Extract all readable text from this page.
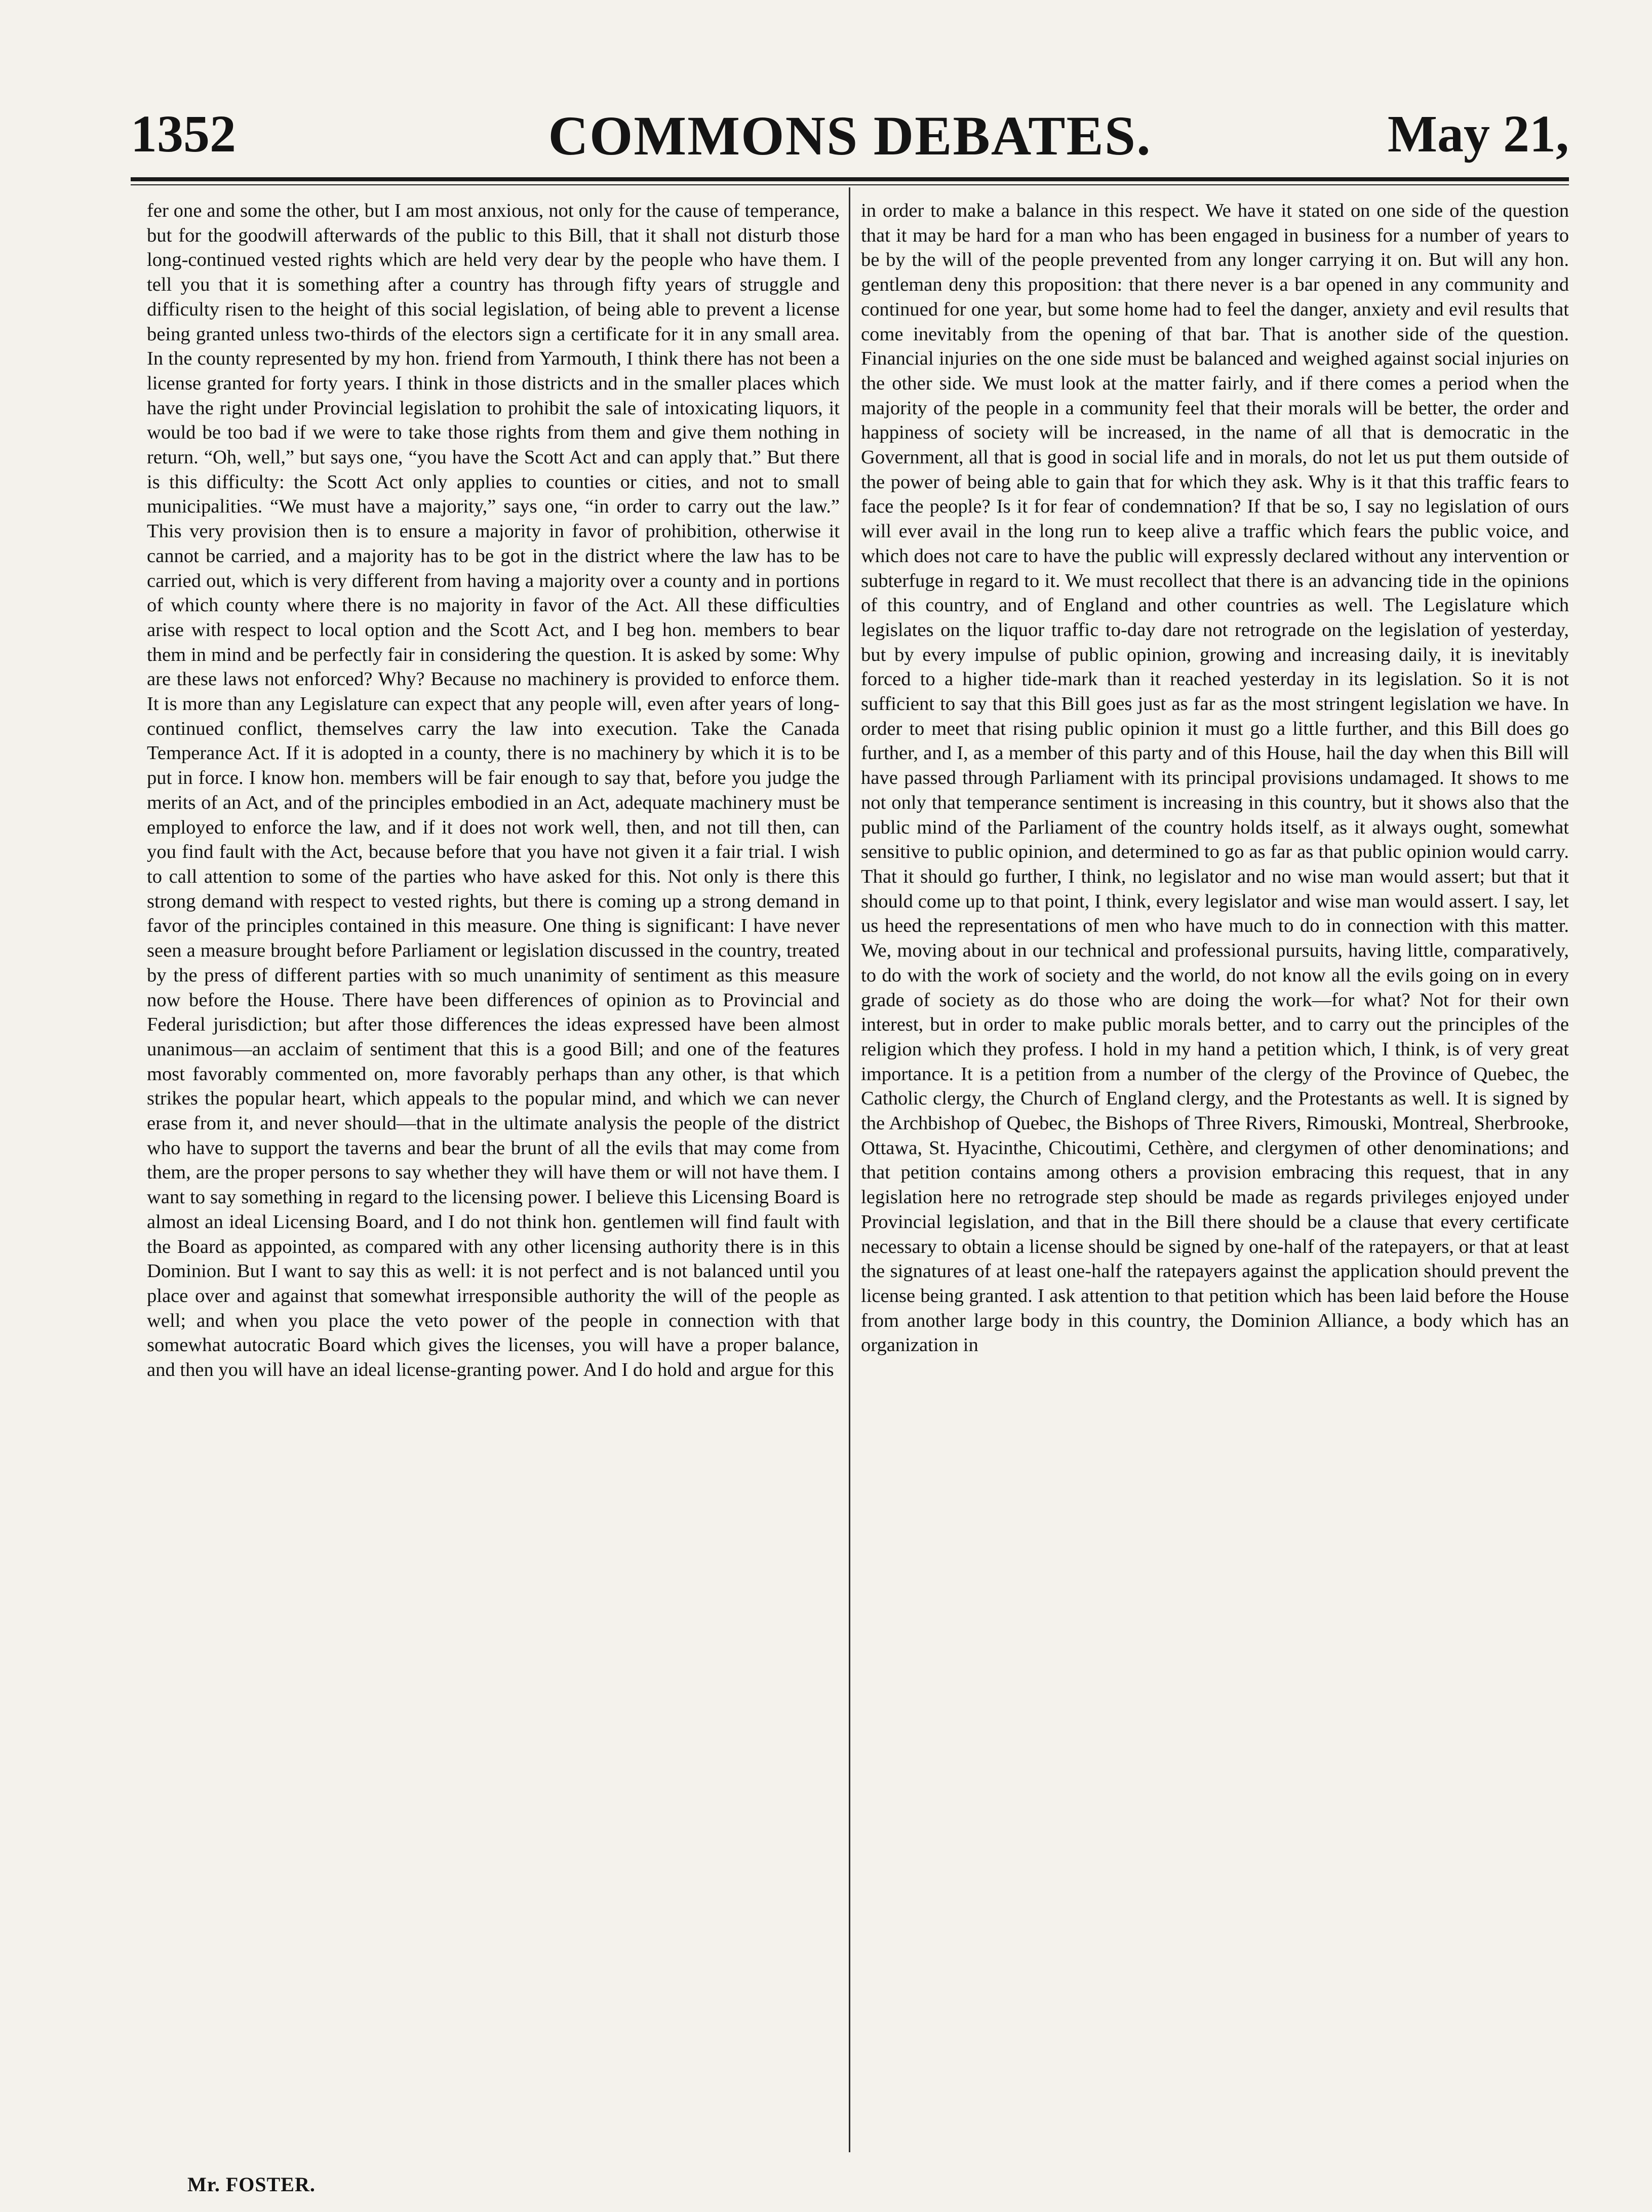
1352	COMMONS DEBATES.	May 21,

fer one and some the other, but I am most anxious, not only for the cause of temperance, but for the goodwill afterwards of the public to this Bill, that it shall not disturb those long-continued vested rights which are held very dear by the people who have them. I tell you that it is something after a country has through fifty years of struggle and difficulty risen to the height of this social legislation, of being able to prevent a license being granted unless two-thirds of the electors sign a certificate for it in any small area. In the county represented by my hon. friend from Yarmouth, I think there has not been a license granted for forty years. I think in those districts and in the smaller places which have the right under Provincial legislation to prohibit the sale of intoxicating liquors, it would be too bad if we were to take those rights from them and give them nothing in return. “Oh, well,” but says one, “you have the Scott Act and can apply that.” But there is this difficulty: the Scott Act only applies to counties or cities, and not to small municipalities. “We must have a majority,” says one, “in order to carry out the law.” This very provision then is to ensure a majority in favor of prohibition, otherwise it cannot be carried, and a majority has to be got in the district where the law has to be carried out, which is very different from having a majority over a county and in portions of which county where there is no majority in favor of the Act. All these difficulties arise with respect to local option and the Scott Act, and I beg hon. members to bear them in mind and be perfectly fair in considering the question. It is asked by some: Why are these laws not enforced? Why? Because no machinery is provided to enforce them. It is more than any Legislature can expect that any people will, even after years of long-continued conflict, themselves carry the law into execution. Take the Canada Temperance Act. If it is adopted in a county, there is no machinery by which it is to be put in force. I know hon. members will be fair enough to say that, before you judge the merits of an Act, and of the principles embodied in an Act, adequate machinery must be employed to enforce the law, and if it does not work well, then, and not till then, can you find fault with the Act, because before that you have not given it a fair trial. I wish to call attention to some of the parties who have asked for this. Not only is there this strong demand with respect to vested rights, but there is coming up a strong demand in favor of the principles contained in this measure. One thing is significant: I have never seen a measure brought before Parliament or legislation discussed in the country, treated by the press of different parties with so much unanimity of sentiment as this measure now before the House. There have been differences of opinion as to Provincial and Federal jurisdiction; but after those differences the ideas expressed have been almost unanimous—an acclaim of sentiment that this is a good Bill; and one of the features most favorably commented on, more favorably perhaps than any other, is that which strikes the popular heart, which appeals to the popular mind, and which we can never erase from it, and never should—that in the ultimate analysis the people of the district who have to support the taverns and bear the brunt of all the evils that may come from them, are the proper persons to say whether they will have them or will not have them. I want to say something in regard to the licensing power. I believe this Licensing Board is almost an ideal Licensing Board, and I do not think hon. gentlemen will find fault with the Board as appointed, as compared with any other licensing authority there is in this Dominion. But I want to say this as well: it is not perfect and is not balanced until you place over and against that somewhat irresponsible authority the will of the people as well; and when you place the veto power of the people in connection with that somewhat autocratic Board which gives the licenses, you will have a proper balance, and then you will have an ideal license-granting power. And I do hold and argue for this

in order to make a balance in this respect. We have it stated on one side of the question that it may be hard for a man who has been engaged in business for a number of years to be by the will of the people prevented from any longer carrying it on. But will any hon. gentleman deny this proposition: that there never is a bar opened in any community and continued for one year, but some home had to feel the danger, anxiety and evil results that come inevitably from the opening of that bar. That is another side of the question. Financial injuries on the one side must be balanced and weighed against social injuries on the other side. We must look at the matter fairly, and if there comes a period when the majority of the people in a community feel that their morals will be better, the order and happiness of society will be increased, in the name of all that is democratic in the Government, all that is good in social life and in morals, do not let us put them outside of the power of being able to gain that for which they ask. Why is it that this traffic fears to face the people? Is it for fear of condemnation? If that be so, I say no legislation of ours will ever avail in the long run to keep alive a traffic which fears the public voice, and which does not care to have the public will expressly declared without any intervention or subterfuge in regard to it. We must recollect that there is an advancing tide in the opinions of this country, and of England and other countries as well. The Legislature which legislates on the liquor traffic to-day dare not retrograde on the legislation of yesterday, but by every impulse of public opinion, growing and increasing daily, it is inevitably forced to a higher tide-mark than it reached yesterday in its legislation. So it is not sufficient to say that this Bill goes just as far as the most stringent legislation we have. In order to meet that rising public opinion it must go a little further, and this Bill does go further, and I, as a member of this party and of this House, hail the day when this Bill will have passed through Parliament with its principal provisions undamaged. It shows to me not only that temperance sentiment is increasing in this country, but it shows also that the public mind of the Parliament of the country holds itself, as it always ought, somewhat sensitive to public opinion, and determined to go as far as that public opinion would carry. That it should go further, I think, no legislator and no wise man would assert; but that it should come up to that point, I think, every legislator and wise man would assert. I say, let us heed the representations of men who have much to do in connection with this matter. We, moving about in our technical and professional pursuits, having little, comparatively, to do with the work of society and the world, do not know all the evils going on in every grade of society as do those who are doing the work—for what? Not for their own interest, but in order to make public morals better, and to carry out the principles of the religion which they profess. I hold in my hand a petition which, I think, is of very great importance. It is a petition from a number of the clergy of the Province of Quebec, the Catholic clergy, the Church of England clergy, and the Protestants as well. It is signed by the Archbishop of Quebec, the Bishops of Three Rivers, Rimouski, Montreal, Sherbrooke, Ottawa, St. Hyacinthe, Chicoutimi, Cethère, and clergymen of other denominations; and that petition contains among others a provision embracing this request, that in any legislation here no retrograde step should be made as regards privileges enjoyed under Provincial legislation, and that in the Bill there should be a clause that every certificate necessary to obtain a license should be signed by one-half of the ratepayers, or that at least the signatures of at least one-half the ratepayers against the application should prevent the license being granted. I ask attention to that petition which has been laid before the House from another large body in this country, the Dominion Alliance, a body which has an organization in

Mr. FOSTER.
